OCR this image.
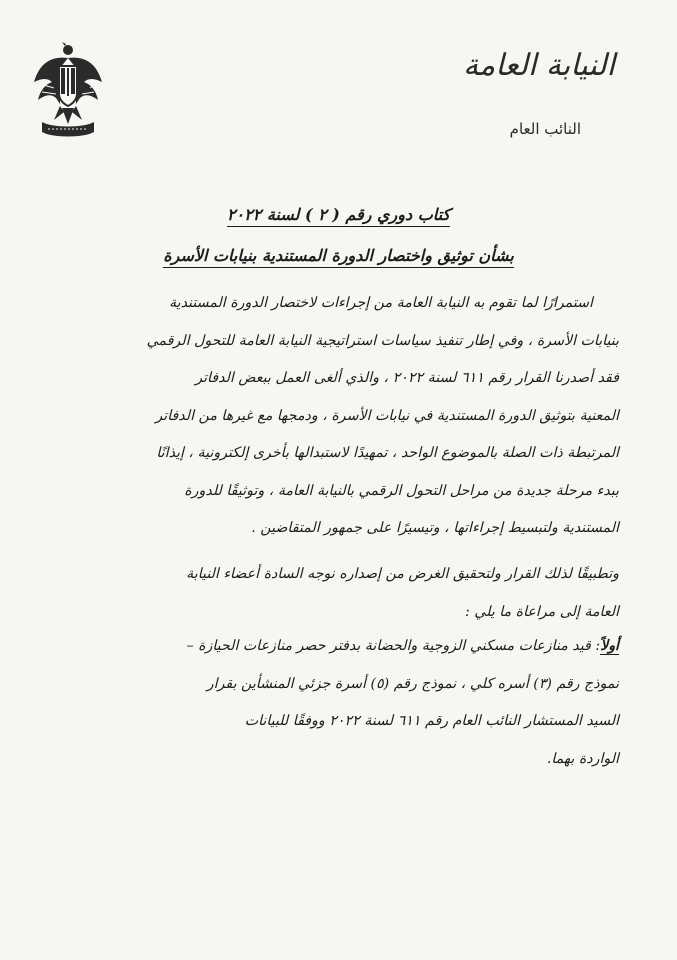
النيابة العامة
النائب العام
كتاب دوري رقم ( ٢ ) لسنة ٢٠٢٢
بشأن توثيق واختصار الدورة المستندية بنيابات الأسرة
استمرارًا لما تقوم به النيابة العامة من إجراءات لاختصار الدورة المستندية
بنيابات الأسرة ، وفي إطار تنفيذ سياسات استراتيجية النيابة العامة للتحول الرقمي
فقد أصدرنا القرار رقم ٦١١ لسنة ٢٠٢٢ ، والذي ألغى العمل ببعض الدفاتر
المعنية بتوثيق الدورة المستندية في نيابات الأسرة ، ودمجها مع غيرها من الدفاتر
المرتبطة ذات الصلة بالموضوع الواحد ، تمهيدًا لاستبدالها بأخرى إلكترونية ، إيذانًا
ببدء مرحلة جديدة من مراحل التحول الرقمي بالنيابة العامة ، وتوثيقًا للدورة
المستندية ولتبسيط إجراءاتها ، وتيسيرًا على جمهور المتقاضين .
وتطبيقًا لذلك القرار ولتحقيق الغرض من إصداره نوجه السادة أعضاء النيابة
العامة إلى مراعاة ما يلي :
أولاً: قيد منازعات مسكني الزوجية والحضانة بدفتر حصر منازعات الحيازة –
نموذج رقم (٣) أسره كلي ، نموذج رقم (٥) أسرة جزئي المنشأين بقرار
السيد المستشار النائب العام رقم ٦١١ لسنة ٢٠٢٢ ووفقًا للبيانات
الواردة بهما.
